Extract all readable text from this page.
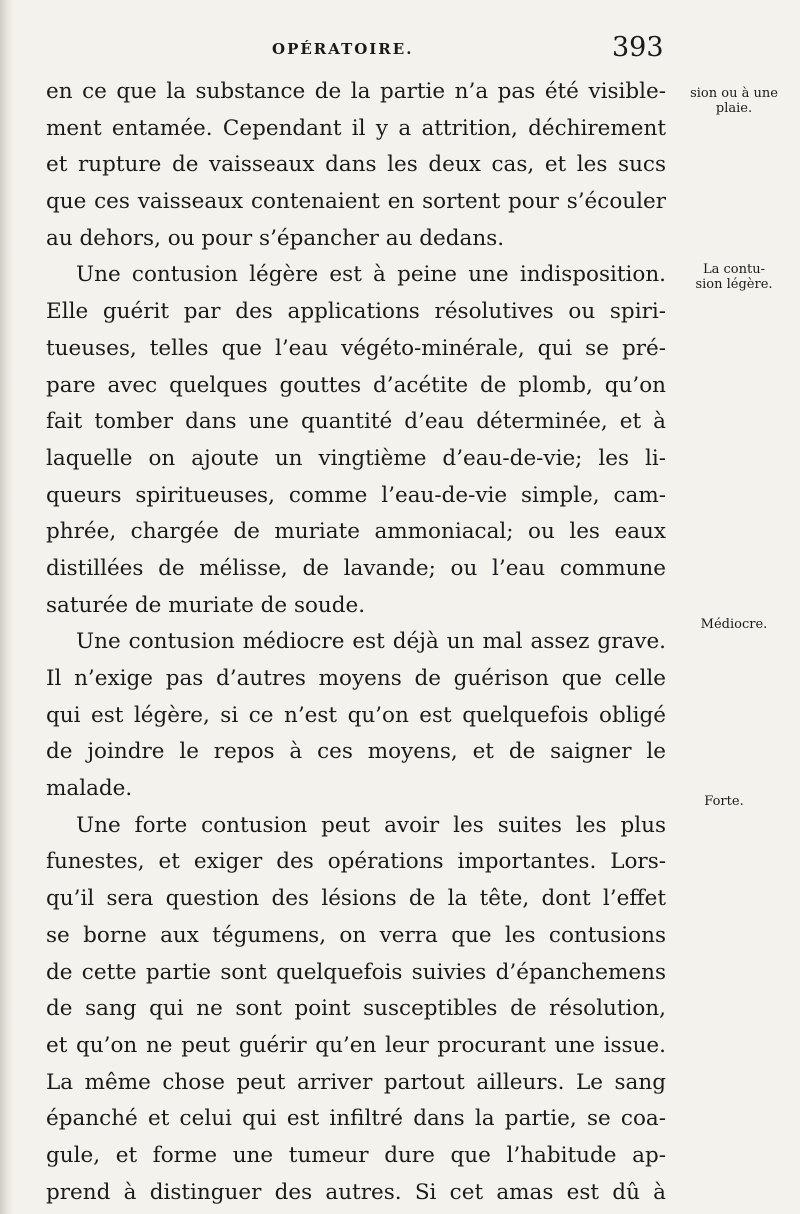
OPÉRATOIRE.	393
en ce que la substance de la partie n’a pas été visible-
ment entamée. Cependant il y a attrition, déchirement
et rupture de vaisseaux dans les deux cas, et les sucs
que ces vaisseaux contenaient en sortent pour s’écouler
au dehors, ou pour s’épancher au dedans.
Une contusion légère est à peine une indisposition.
Elle guérit par des applications résolutives ou spiri-
tueuses, telles que l’eau végéto-minérale, qui se pré-
pare avec quelques gouttes d’acétite de plomb, qu’on
fait tomber dans une quantité d’eau déterminée, et à
laquelle on ajoute un vingtième d’eau-de-vie; les li-
queurs spiritueuses, comme l’eau-de-vie simple, cam-
phrée, chargée de muriate ammoniacal; ou les eaux
distillées de mélisse, de lavande; ou l’eau commune
saturée de muriate de soude.
Une contusion médiocre est déjà un mal assez grave.
Il n’exige pas d’autres moyens de guérison que celle
qui est légère, si ce n’est qu’on est quelquefois obligé
de joindre le repos à ces moyens, et de saigner le
malade.
Une forte contusion peut avoir les suites les plus
funestes, et exiger des opérations importantes. Lors-
qu’il sera question des lésions de la tête, dont l’effet
se borne aux tégumens, on verra que les contusions
de cette partie sont quelquefois suivies d’épanchemens
de sang qui ne sont point susceptibles de résolution,
et qu’on ne peut guérir qu’en leur procurant une issue.
La même chose peut arriver partout ailleurs. Le sang
épanché et celui qui est infiltré dans la partie, se coa-
gule, et forme une tumeur dure que l’habitude ap-
prend à distinguer des autres. Si cet amas est dû à
sion ou à une
plaie.
La contu-
sion légère.
Médiocre.
Forte.
